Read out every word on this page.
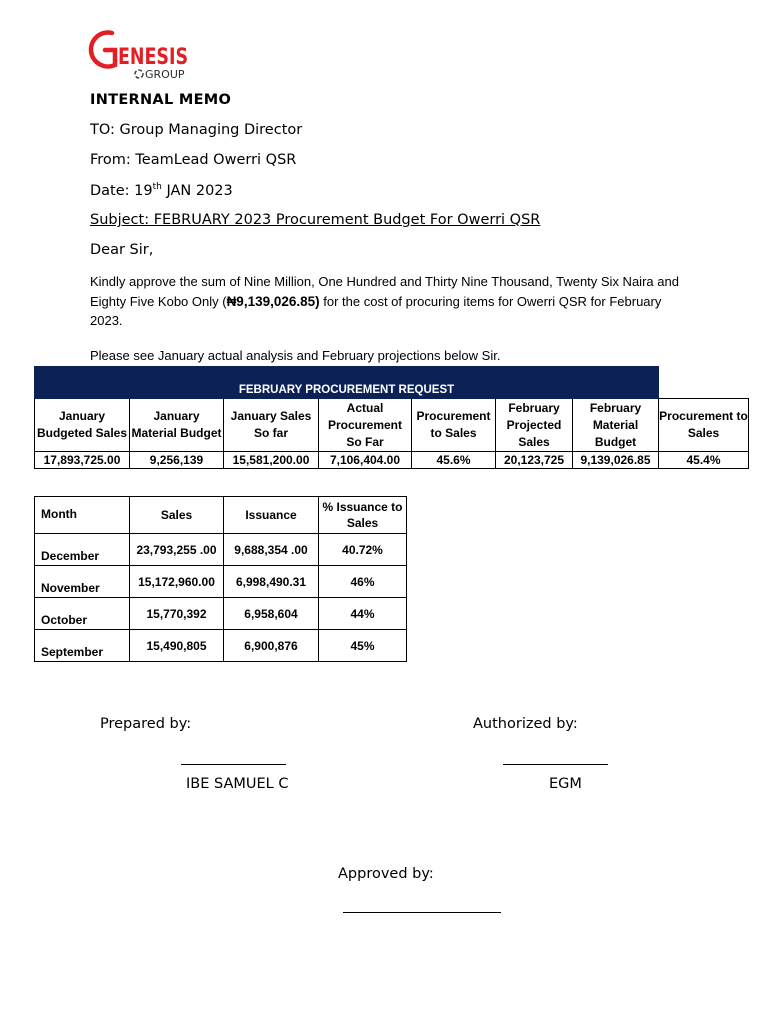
ENESIS
GROUP
INTERNAL MEMO
TO: Group Managing Director
From: TeamLead Owerri QSR
Date: 19th JAN 2023
Subject: FEBRUARY 2023 Procurement Budget For Owerri QSR
Dear Sir,
Kindly approve the sum of Nine Million, One Hundred and Thirty Nine Thousand, Twenty Six Naira and Eighty Five Kobo Only (₦9,139,026.85) for the cost of procuring items for Owerri QSR for February 2023.
Please see January actual analysis and February projections below Sir.
FEBRUARY PROCUREMENT REQUEST							
January Budgeted Sales	January Material Budget	January Sales So far	Actual Procurement So Far	Procurement to Sales	February Projected Sales	February Material Budget	Procurement to Sales
17,893,725.00	9,256,139	15,581,200.00	7,106,404.00	45.6%	20,123,725	9,139,026.85	45.4%
Month	Sales	Issuance	% Issuance to Sales
December	23,793,255 .00	9,688,354 .00	40.72%
November	15,172,960.00	6,998,490.31	46%
October	15,770,392	6,958,604	44%
September	15,490,805	6,900,876	45%
Prepared by:
IBE SAMUEL C
Authorized by:
EGM
Approved by:
